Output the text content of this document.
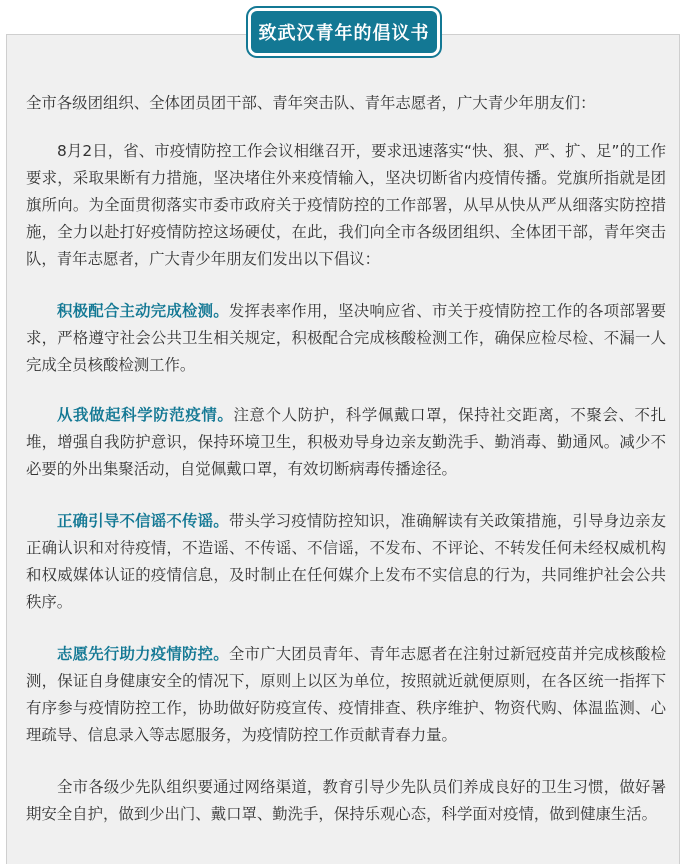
致武汉青年的倡议书

全市各级团组织、全体团员团干部、青年突击队、青年志愿者，广大青少年朋友们：

8月2日，省、市疫情防控工作会议相继召开，要求迅速落实“快、狠、严、扩、足”的工作要求，采取果断有力措施，坚决堵住外来疫情输入，坚决切断省内疫情传播。党旗所指就是团旗所向。为全面贯彻落实市委市政府关于疫情防控的工作部署，从早从快从严从细落实防控措施，全力以赴打好疫情防控这场硬仗，在此，我们向全市各级团组织、全体团干部，青年突击队，青年志愿者，广大青少年朋友们发出以下倡议：

积极配合主动完成检测。发挥表率作用，坚决响应省、市关于疫情防控工作的各项部署要求，严格遵守社会公共卫生相关规定，积极配合完成核酸检测工作，确保应检尽检、不漏一人完成全员核酸检测工作。

从我做起科学防范疫情。注意个人防护，科学佩戴口罩，保持社交距离，不聚会、不扎堆，增强自我防护意识，保持环境卫生，积极劝导身边亲友勤洗手、勤消毒、勤通风。减少不必要的外出集聚活动，自觉佩戴口罩，有效切断病毒传播途径。

正确引导不信谣不传谣。带头学习疫情防控知识，准确解读有关政策措施，引导身边亲友正确认识和对待疫情，不造谣、不传谣、不信谣，不发布、不评论、不转发任何未经权威机构和权威媒体认证的疫情信息，及时制止在任何媒介上发布不实信息的行为，共同维护社会公共秩序。

志愿先行助力疫情防控。全市广大团员青年、青年志愿者在注射过新冠疫苗并完成核酸检测，保证自身健康安全的情况下，原则上以区为单位，按照就近就便原则，在各区统一指挥下有序参与疫情防控工作，协助做好防疫宣传、疫情排查、秩序维护、物资代购、体温监测、心理疏导、信息录入等志愿服务，为疫情防控工作贡献青春力量。

全市各级少先队组织要通过网络渠道，教育引导少先队员们养成良好的卫生习惯，做好暑期安全自护，做到少出门、戴口罩、勤洗手，保持乐观心态，科学面对疫情，做到健康生活。
